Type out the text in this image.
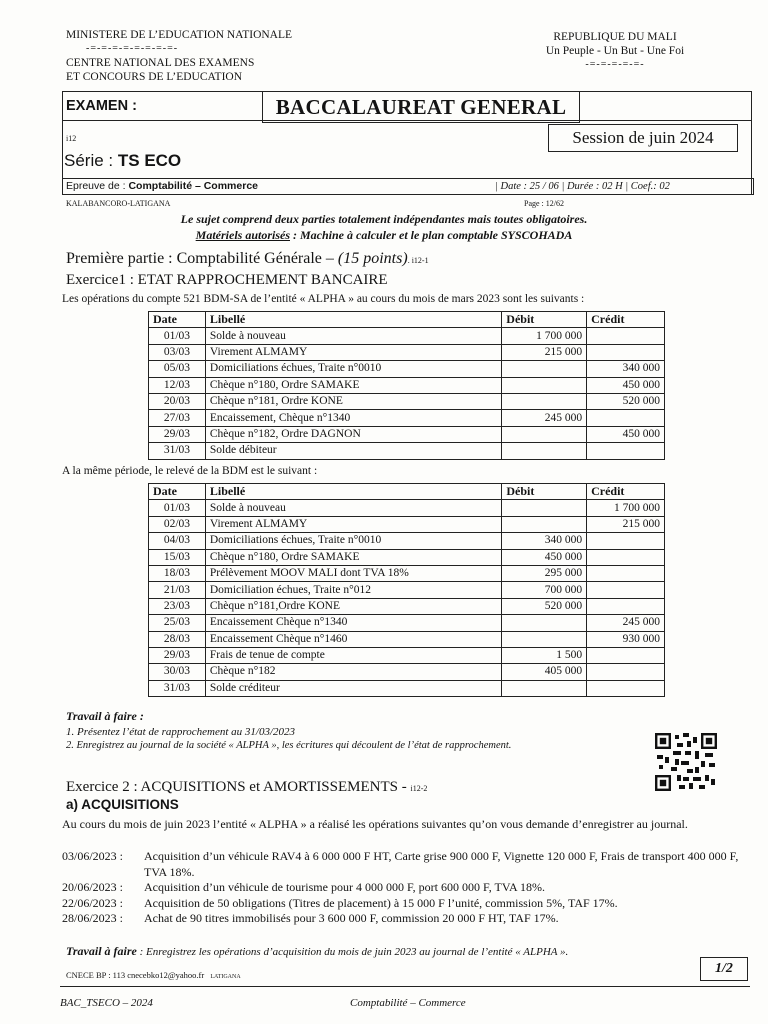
MINISTERE DE L’EDUCATION NATIONALE
-=-=-=-=-=-=-=-=-
CENTRE NATIONAL DES EXAMENS
ET CONCOURS DE L’EDUCATION
REPUBLIQUE DU MALI
Un Peuple - Un But - Une Foi
-=-=-=-=-=-
EXAMEN :	BACCALAUREAT GENERAL
i12	Session de juin 2024
Série : TS ECO
Epreuve de : Comptabilité – Commerce	| Date : 25 / 06 | Durée : 02 H | Coef.: 02
KALABANCORO-LATIGANA	Page : 12/62
Le sujet comprend deux parties totalement indépendantes mais toutes obligatoires.
Matériels autorisés : Machine à calculer et le plan comptable SYSCOHADA
Première partie : Comptabilité Générale – (15 points). i12-1
Exercice1 : ETAT RAPPROCHEMENT BANCAIRE
Les opérations du compte 521 BDM-SA de l’entité « ALPHA » au cours du mois de mars 2023 sont les suivants :
Date	Libellé	Débit	Crédit
01/03	Solde à nouveau	1 700 000	
03/03	Virement ALMAMY	215 000	
05/03	Domiciliations échues, Traite n°0010		340 000
12/03	Chèque n°180, Ordre SAMAKE		450 000
20/03	Chèque n°181, Ordre KONE		520 000
27/03	Encaissement, Chèque n°1340	245 000	
29/03	Chèque n°182, Ordre DAGNON		450 000
31/03	Solde débiteur		
A la même période, le relevé de la BDM est le suivant :
Date	Libellé	Débit	Crédit
01/03	Solde à nouveau		1 700 000
02/03	Virement ALMAMY		215 000
04/03	Domiciliations échues, Traite n°0010	340 000	
15/03	Chèque n°180, Ordre SAMAKE	450 000	
18/03	Prélèvement MOOV MALI dont TVA 18%	295 000	
21/03	Domiciliation échues, Traite n°012	700 000	
23/03	Chèque n°181,Ordre KONE	520 000	
25/03	Encaissement Chèque n°1340		245 000
28/03	Encaissement Chèque n°1460		930 000
29/03	Frais de tenue de compte	1 500	
30/03	Chèque n°182	405 000	
31/03	Solde créditeur		
Travail à faire :
1. Présentez l’état de rapprochement au 31/03/2023
2. Enregistrez au journal de la société « ALPHA », les écritures qui découlent de l’état de rapprochement.
Exercice 2 : ACQUISITIONS et AMORTISSEMENTS - i12-2
a) ACQUISITIONS
Au cours du mois de juin 2023 l’entité « ALPHA » a réalisé les opérations suivantes qu’on vous demande d’enregistrer au journal.
03/06/2023 :	Acquisition d’un véhicule RAV4 à 6 000 000 F HT, Carte grise 900 000 F, Vignette 120 000 F, Frais de transport 400 000 F, TVA 18%.
20/06/2023 :	Acquisition d’un véhicule de tourisme pour 4 000 000 F, port 600 000 F, TVA 18%.
22/06/2023 :	Acquisition de 50 obligations (Titres de placement) à 15 000 F l’unité, commission 5%, TAF 17%.
28/06/2023 :	Achat de 90 titres immobilisés pour 3 600 000 F, commission 20 000 F HT, TAF 17%.
Travail à faire : Enregistrez les opérations d’acquisition du mois de juin 2023 au journal de l’entité « ALPHA ».
CNECE BP : 113 cnecebko12@yahoo.fr LATIGANA
1/2
BAC_TSECO – 2024	Comptabilité – Commerce
